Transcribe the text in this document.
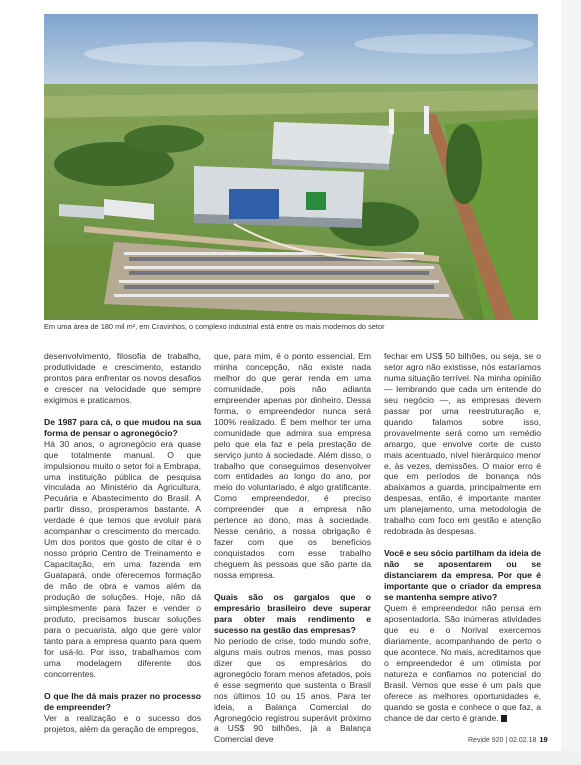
Em uma área de 180 mil m², em Cravinhos, o complexo industrial está entre os mais modernos do setor

desenvolvimento, filosofia de trabalho, produtividade e crescimento, estando prontos para enfrentar os novos desafios e crescer na velocidade que sempre exigimos e praticamos.

De 1987 para cá, o que mudou na sua forma de pensar o agronegócio?

Há 30 anos, o agronegócio era quase que totalmente manual. O que impulsionou muito o setor foi a Embrapa, uma instituição pública de pesquisa vinculada ao Ministério da Agricultura, Pecuária e Abastecimento do Brasil. A partir disso, prosperamos bastante. A verdade é que temos que evoluir para acompanhar o crescimento do mercado. Um dos pontos que gosto de citar é o nosso próprio Centro de Treinamento e Capacitação, em uma fazenda em Guatapará, onde oferecemos formação de mão de obra e vamos além da produção de soluções. Hoje, não dá simplesmente para fazer e vender o produto, precisamos buscar soluções para o pecuarista, algo que gere valor tanto para a empresa quanto para quem for usá-lo. Por isso, trabalhamos com uma modelagem diferente dos concorrentes.

O que lhe dá mais prazer no processo de empreender?

Ver a realização e o sucesso dos projetos, além da geração de empregos,

que, para mim, é o ponto essencial. Em minha concepção, não existe nada melhor do que gerar renda em uma comunidade, pois não adianta empreender apenas por dinheiro. Dessa forma, o empreendedor nunca será 100% realizado. É bem melhor ter uma comunidade que admira sua empresa pelo que ela faz e pela prestação de serviço junto à sociedade. Além disso, o trabalho que conseguimos desenvolver com entidades ao longo do ano, por meio do voluntariado, é algo gratificante. Como empreendedor, é preciso compreender que a empresa não pertence ao dono, mas à sociedade. Nesse cenário, a nossa obrigação é fazer com que os benefícios conquistados com esse trabalho cheguem às pessoas que são parte da nossa empresa.

Quais são os gargalos que o empresário brasileiro deve superar para obter mais rendimento e sucesso na gestão das empresas?

No período de crise, todo mundo sofre, alguns mais outros menos, mas posso dizer que os empresários do agronegócio foram menos afetados, pois é esse segmento que sustenta o Brasil nos últimos 10 ou 15 anos. Para ter ideia, a Balança Comercial do Agronegócio registrou superávit próximo a US$ 90 bilhões, já a Balança Comercial deve

fechar em US$ 50 bilhões, ou seja, se o setor agro não existisse, nós estaríamos numa situação terrível. Na minha opinião — lembrando que cada um entende do seu negócio —, as empresas devem passar por uma reestruturação e, quando falamos sobre isso, provavelmente será como um remédio amargo, que envolve corte de custo mais acentuado, nível hierárquico menor e, às vezes, demissões. O maior erro é que em períodos de bonança nós abaixamos a guarda, principalmente em despesas, então, é importante manter um planejamento, uma metodologia de trabalho com foco em gestão e atenção redobrada às despesas.

Você e seu sócio partilham da ideia de não se aposentarem ou se distanciarem da empresa. Por que é importante que o criador da empresa se mantenha sempre ativo?

Quem é empreendedor não pensa em aposentadoria. São inúmeras atividades que eu e o Norival exercemos diariamente, acompanhando de perto o que acontece. No mais, acreditamos que o empreendedor é um otimista por natureza e confiamos no potencial do Brasil. Vemos que esse é um país que oferece as melhores oportunidades e, quando se gosta e conhece o que faz, a chance de dar certo é grande.

Revide 920 | 02.02.18 19
